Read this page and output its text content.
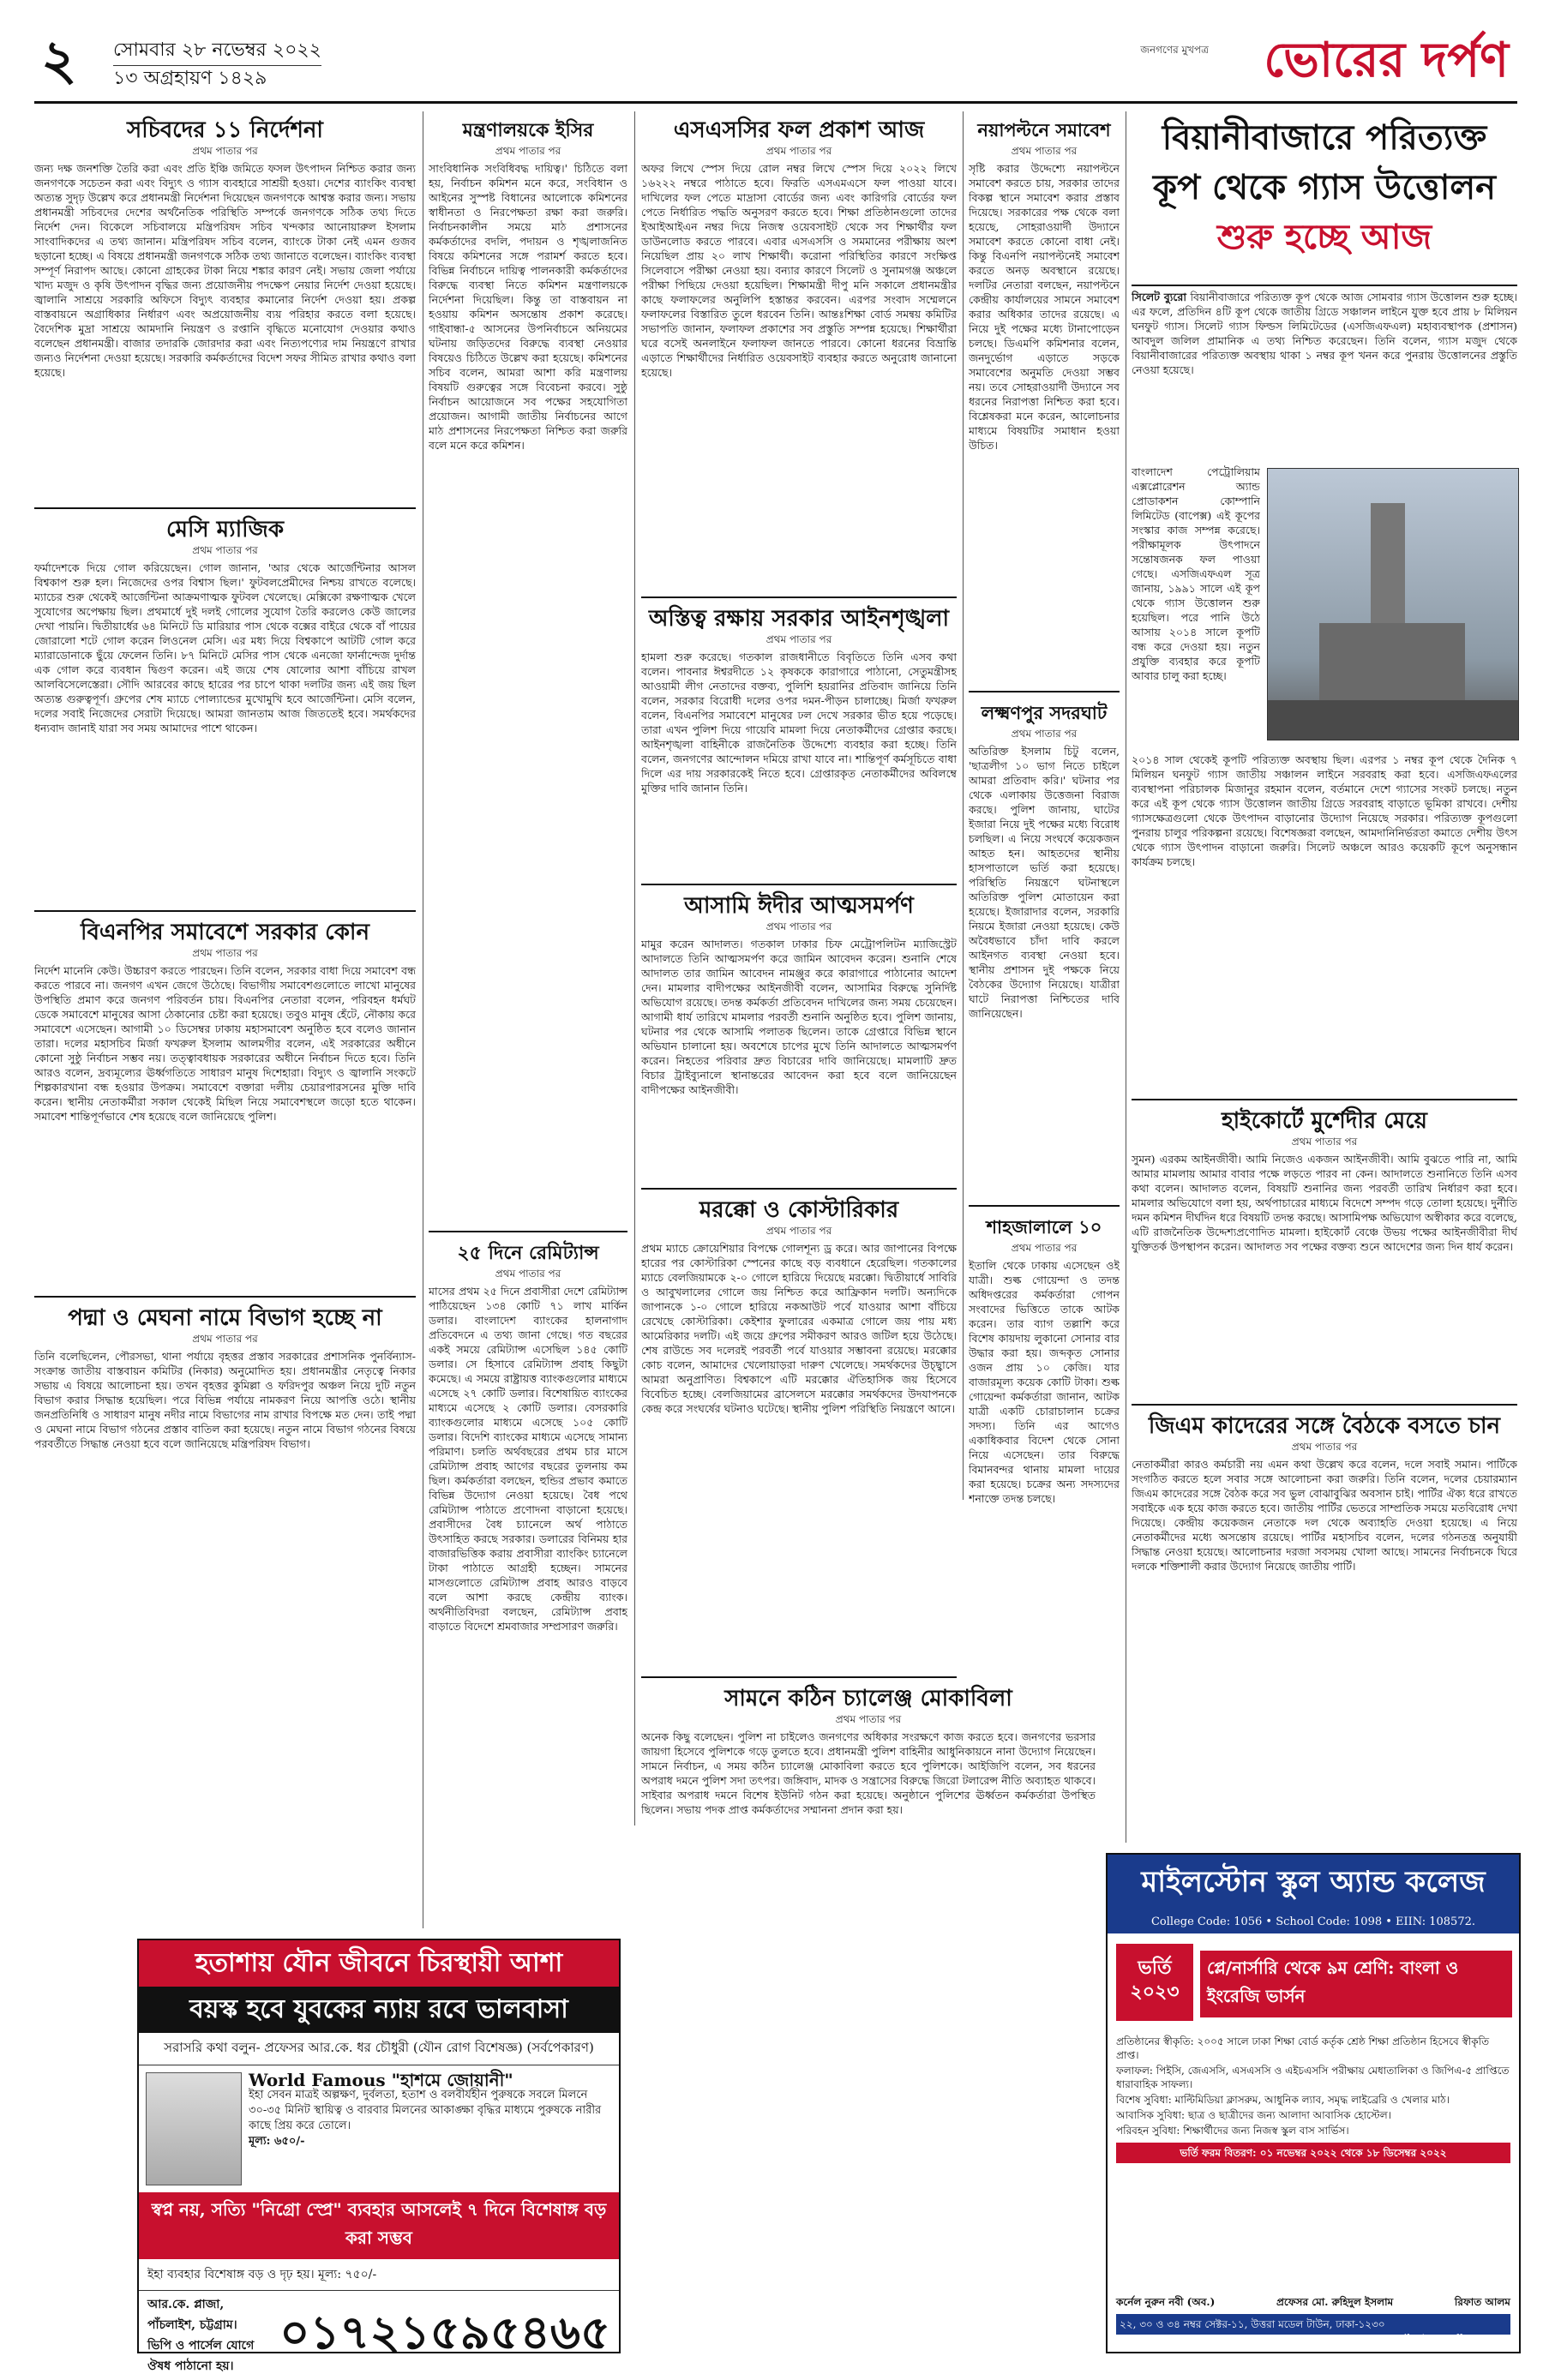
২ সোমবার ২৮ নভেম্বর ২০২২
১৩ অগ্রহায়ণ ১৪২৯
জনগণের মুখপত্র ভোরের দর্পণ
সচিবদের ১১ নির্দেশনা
প্রথম পাতার পর

জন্য দক্ষ জনশক্তি তৈরি করা এবং প্রতি ইঞ্চি জমিতে ফসল উৎপাদন নিশ্চিত করার জন্য জনগণকে সচেতন করা এবং বিদ্যুৎ ও গ্যাস ব্যবহারে সাশ্রয়ী হওয়া। দেশের ব্যাংকিং ব্যবস্থা অত্যন্ত সুদৃঢ় উল্লেখ করে প্রধানমন্ত্রী নির্দেশনা দিয়েছেন জনগণকে আশ্বস্ত করার জন্য। সভায় প্রধানমন্ত্রী সচিবদের দেশের অর্থনৈতিক পরিস্থিতি সম্পর্কে জনগণকে সঠিক তথ্য দিতে নির্দেশ দেন। বিকেলে সচিবালয়ে মন্ত্রিপরিষদ সচিব খন্দকার আনোয়ারুল ইসলাম সাংবাদিকদের এ তথ্য জানান। মন্ত্রিপরিষদ সচিব বলেন, ব্যাংকে টাকা নেই এমন গুজব ছড়ানো হচ্ছে। এ বিষয়ে প্রধানমন্ত্রী জনগণকে সঠিক তথ্য জানাতে বলেছেন। ব্যাংকিং ব্যবস্থা সম্পূর্ণ নিরাপদ আছে। কোনো গ্রাহকের টাকা নিয়ে শঙ্কার কারণ নেই। সভায় জেলা পর্যায়ে খাদ্য মজুদ ও কৃষি উৎপাদন বৃদ্ধির জন্য প্রয়োজনীয় পদক্ষেপ নেয়ার নির্দেশ দেওয়া হয়েছে। জ্বালানি সাশ্রয়ে সরকারি অফিসে বিদ্যুৎ ব্যবহার কমানোর নির্দেশ দেওয়া হয়। প্রকল্প বাস্তবায়নে অগ্রাধিকার নির্ধারণ এবং অপ্রয়োজনীয় ব্যয় পরিহার করতে বলা হয়েছে। বৈদেশিক মুদ্রা সাশ্রয়ে আমদানি নিয়ন্ত্রণ ও রপ্তানি বৃদ্ধিতে মনোযোগ দেওয়ার কথাও বলেছেন প্রধানমন্ত্রী। বাজার তদারকি জোরদার করা এবং নিত্যপণ্যের দাম নিয়ন্ত্রণে রাখার জন্যও নির্দেশনা দেওয়া হয়েছে। সরকারি কর্মকর্তাদের বিদেশ সফর সীমিত রাখার কথাও বলা হয়েছে।

মেসি ম্যাজিক
প্রথম পাতার পর

ফর্মাদেশকে দিয়ে গোল করিয়েছেন। গোল জানান, 'আর থেকে আর্জেন্টিনার আসল বিশ্বকাপ শুরু হল। নিজেদের ওপর বিশ্বাস ছিল।' ফুটবলপ্রেমীদের নিশ্চয় রাখতে বলেছে। ম্যাচের শুরু থেকেই আর্জেন্টিনা আক্রমণাত্মক ফুটবল খেলেছে। মেক্সিকো রক্ষণাত্মক খেলে সুযোগের অপেক্ষায় ছিল। প্রথমার্ধে দুই দলই গোলের সুযোগ তৈরি করলেও কেউ জালের দেখা পায়নি। দ্বিতীয়ার্ধের ৬৪ মিনিটে ডি মারিয়ার পাস থেকে বক্সের বাইরে থেকে বাঁ পায়ের জোরালো শটে গোল করেন লিওনেল মেসি। এর মধ্য দিয়ে বিশ্বকাপে আটটি গোল করে ম্যারাডোনাকে ছুঁয়ে ফেলেন তিনি। ৮৭ মিনিটে মেসির পাস থেকে এনজো ফার্নান্দেজ দুর্দান্ত এক গোল করে ব্যবধান দ্বিগুণ করেন। এই জয়ে শেষ ষোলোর আশা বাঁচিয়ে রাখল আলবিসেলেস্তেরা। সৌদি আরবের কাছে হারের পর চাপে থাকা দলটির জন্য এই জয় ছিল অত্যন্ত গুরুত্বপূর্ণ। গ্রুপের শেষ ম্যাচে পোল্যান্ডের মুখোমুখি হবে আর্জেন্টিনা। মেসি বলেন, দলের সবাই নিজেদের সেরাটা দিয়েছে। আমরা জানতাম আজ জিততেই হবে। সমর্থকদের ধন্যবাদ জানাই যারা সব সময় আমাদের পাশে থাকেন।

বিএনপির সমাবেশে সরকার কোন
প্রথম পাতার পর

নির্দেশ মানেনি কেউ। উচ্চারণ করতে পারছেন। তিনি বলেন, সরকার বাধা দিয়ে সমাবেশ বন্ধ করতে পারবে না। জনগণ এখন জেগে উঠেছে। বিভাগীয় সমাবেশগুলোতে লাখো মানুষের উপস্থিতি প্রমাণ করে জনগণ পরিবর্তন চায়। বিএনপির নেতারা বলেন, পরিবহন ধর্মঘট ডেকে সমাবেশে মানুষের আসা ঠেকানোর চেষ্টা করা হয়েছে। তবুও মানুষ হেঁটে, নৌকায় করে সমাবেশে এসেছেন। আগামী ১০ ডিসেম্বর ঢাকায় মহাসমাবেশ অনুষ্ঠিত হবে বলেও জানান তারা। দলের মহাসচিব মির্জা ফখরুল ইসলাম আলমগীর বলেন, এই সরকারের অধীনে কোনো সুষ্ঠু নির্বাচন সম্ভব নয়। তত্ত্বাবধায়ক সরকারের অধীনে নির্বাচন দিতে হবে। তিনি আরও বলেন, দ্রব্যমূল্যের ঊর্ধ্বগতিতে সাধারণ মানুষ দিশেহারা। বিদ্যুৎ ও জ্বালানি সংকটে শিল্পকারখানা বন্ধ হওয়ার উপক্রম। সমাবেশে বক্তারা দলীয় চেয়ারপারসনের মুক্তি দাবি করেন। স্থানীয় নেতাকর্মীরা সকাল থেকেই মিছিল নিয়ে সমাবেশস্থলে জড়ো হতে থাকেন। সমাবেশ শান্তিপূর্ণভাবে শেষ হয়েছে বলে জানিয়েছে পুলিশ।

পদ্মা ও মেঘনা নামে বিভাগ হচ্ছে না
প্রথম পাতার পর

তিনি বলেছিলেন, পৌরসভা, থানা পর্যায়ে বৃহত্তর প্রস্তাব সরকারের প্রশাসনিক পুনর্বিন্যাস-সংক্রান্ত জাতীয় বাস্তবায়ন কমিটির (নিকার) অনুমোদিত হয়। প্রধানমন্ত্রীর নেতৃত্বে নিকার সভায় এ বিষয়ে আলোচনা হয়। তখন বৃহত্তর কুমিল্লা ও ফরিদপুর অঞ্চল নিয়ে দুটি নতুন বিভাগ করার সিদ্ধান্ত হয়েছিল। পরে বিভিন্ন পর্যায়ে নামকরণ নিয়ে আপত্তি ওঠে। স্থানীয় জনপ্রতিনিধি ও সাধারণ মানুষ নদীর নামে বিভাগের নাম রাখার বিপক্ষে মত দেন। তাই পদ্মা ও মেঘনা নামে বিভাগ গঠনের প্রস্তাব বাতিল করা হয়েছে। নতুন নামে বিভাগ গঠনের বিষয়ে পরবর্তীতে সিদ্ধান্ত নেওয়া হবে বলে জানিয়েছে মন্ত্রিপরিষদ বিভাগ।

মন্ত্রণালয়কে ইসির
প্রথম পাতার পর

সাংবিধানিক সংবিধিবদ্ধ দায়িত্ব।' চিঠিতে বলা হয়, নির্বাচন কমিশন মনে করে, সংবিধান ও আইনের সুস্পষ্ট বিধানের আলোকে কমিশনের স্বাধীনতা ও নিরপেক্ষতা রক্ষা করা জরুরি। নির্বাচনকালীন সময়ে মাঠ প্রশাসনের কর্মকর্তাদের বদলি, পদায়ন ও শৃঙ্খলাজনিত বিষয়ে কমিশনের সঙ্গে পরামর্শ করতে হবে। বিভিন্ন নির্বাচনে দায়িত্ব পালনকারী কর্মকর্তাদের বিরুদ্ধে ব্যবস্থা নিতে কমিশন মন্ত্রণালয়কে নির্দেশনা দিয়েছিল। কিন্তু তা বাস্তবায়ন না হওয়ায় কমিশন অসন্তোষ প্রকাশ করেছে। গাইবান্ধা-৫ আসনের উপনির্বাচনে অনিয়মের ঘটনায় জড়িতদের বিরুদ্ধে ব্যবস্থা নেওয়ার বিষয়েও চিঠিতে উল্লেখ করা হয়েছে। কমিশনের সচিব বলেন, আমরা আশা করি মন্ত্রণালয় বিষয়টি গুরুত্বের সঙ্গে বিবেচনা করবে। সুষ্ঠু নির্বাচন আয়োজনে সব পক্ষের সহযোগিতা প্রয়োজন। আগামী জাতীয় নির্বাচনের আগে মাঠ প্রশাসনের নিরপেক্ষতা নিশ্চিত করা জরুরি বলে মনে করে কমিশন।

২৫ দিনে রেমিট্যান্স
প্রথম পাতার পর

মাসের প্রথম ২৫ দিনে প্রবাসীরা দেশে রেমিট্যান্স পাঠিয়েছেন ১৩৪ কোটি ৭১ লাখ মার্কিন ডলার। বাংলাদেশ ব্যাংকের হালনাগাদ প্রতিবেদনে এ তথ্য জানা গেছে। গত বছরের একই সময়ে রেমিট্যান্স এসেছিল ১৪৫ কোটি ডলার। সে হিসাবে রেমিট্যান্স প্রবাহ কিছুটা কমেছে। এ সময়ে রাষ্ট্রায়ত্ত ব্যাংকগুলোর মাধ্যমে এসেছে ২৭ কোটি ডলার। বিশেষায়িত ব্যাংকের মাধ্যমে এসেছে ২ কোটি ডলার। বেসরকারি ব্যাংকগুলোর মাধ্যমে এসেছে ১০৫ কোটি ডলার। বিদেশি ব্যাংকের মাধ্যমে এসেছে সামান্য পরিমাণ। চলতি অর্থবছরের প্রথম চার মাসে রেমিট্যান্স প্রবাহ আগের বছরের তুলনায় কম ছিল। কর্মকর্তারা বলছেন, হুন্ডির প্রভাব কমাতে বিভিন্ন উদ্যোগ নেওয়া হয়েছে। বৈধ পথে রেমিট্যান্স পাঠাতে প্রণোদনা বাড়ানো হয়েছে। প্রবাসীদের বৈধ চ্যানেলে অর্থ পাঠাতে উৎসাহিত করছে সরকার। ডলারের বিনিময় হার বাজারভিত্তিক করায় প্রবাসীরা ব্যাংকিং চ্যানেলে টাকা পাঠাতে আগ্রহী হচ্ছেন। সামনের মাসগুলোতে রেমিট্যান্স প্রবাহ আরও বাড়বে বলে আশা করছে কেন্দ্রীয় ব্যাংক। অর্থনীতিবিদরা বলছেন, রেমিট্যান্স প্রবাহ বাড়াতে বিদেশে শ্রমবাজার সম্প্রসারণ জরুরি।

এসএসসির ফল প্রকাশ আজ
প্রথম পাতার পর

অফর লিখে স্পেস দিয়ে রোল নম্বর লিখে স্পেস দিয়ে ২০২২ লিখে ১৬২২২ নম্বরে পাঠাতে হবে। ফিরতি এসএমএসে ফল পাওয়া যাবে। দাখিলের ফল পেতে মাদ্রাসা বোর্ডের জন্য এবং কারিগরি বোর্ডের ফল পেতে নির্ধারিত পদ্ধতি অনুসরণ করতে হবে। শিক্ষা প্রতিষ্ঠানগুলো তাদের ইআইআইএন নম্বর দিয়ে নিজস্ব ওয়েবসাইট থেকে সব শিক্ষার্থীর ফল ডাউনলোড করতে পারবে। এবার এসএসসি ও সমমানের পরীক্ষায় অংশ নিয়েছিল প্রায় ২০ লাখ শিক্ষার্থী। করোনা পরিস্থিতির কারণে সংক্ষিপ্ত সিলেবাসে পরীক্ষা নেওয়া হয়। বন্যার কারণে সিলেট ও সুনামগঞ্জ অঞ্চলে পরীক্ষা পিছিয়ে দেওয়া হয়েছিল। শিক্ষামন্ত্রী দীপু মনি সকালে প্রধানমন্ত্রীর কাছে ফলাফলের অনুলিপি হস্তান্তর করবেন। এরপর সংবাদ সম্মেলনে ফলাফলের বিস্তারিত তুলে ধরবেন তিনি। আন্তঃশিক্ষা বোর্ড সমন্বয় কমিটির সভাপতি জানান, ফলাফল প্রকাশের সব প্রস্তুতি সম্পন্ন হয়েছে। শিক্ষার্থীরা ঘরে বসেই অনলাইনে ফলাফল জানতে পারবে। কোনো ধরনের বিভ্রান্তি এড়াতে শিক্ষার্থীদের নির্ধারিত ওয়েবসাইট ব্যবহার করতে অনুরোধ জানানো হয়েছে।

অস্তিত্ব রক্ষায় সরকার আইনশৃঙ্খলা
প্রথম পাতার পর

হামলা শুরু করেছে। গতকাল রাজধানীতে বিবৃতিতে তিনি এসব কথা বলেন। পাবনার ঈশ্বরদীতে ১২ কৃষককে কারাগারে পাঠানো, সেতুমন্ত্রীসহ আওয়ামী লীগ নেতাদের বক্তব্য, পুলিশি হয়রানির প্রতিবাদ জানিয়ে তিনি বলেন, সরকার বিরোধী দলের ওপর দমন-পীড়ন চালাচ্ছে। মির্জা ফখরুল বলেন, বিএনপির সমাবেশে মানুষের ঢল দেখে সরকার ভীত হয়ে পড়েছে। তারা এখন পুলিশ দিয়ে গায়েবি মামলা দিয়ে নেতাকর্মীদের গ্রেপ্তার করছে। আইনশৃঙ্খলা বাহিনীকে রাজনৈতিক উদ্দেশ্যে ব্যবহার করা হচ্ছে। তিনি বলেন, জনগণের আন্দোলন দমিয়ে রাখা যাবে না। শান্তিপূর্ণ কর্মসূচিতে বাধা দিলে এর দায় সরকারকেই নিতে হবে। গ্রেপ্তারকৃত নেতাকর্মীদের অবিলম্বে মুক্তির দাবি জানান তিনি।

আসামি ঈদীর আত্মসমর্পণ
প্রথম পাতার পর

মামুর করেন আদালত। গতকাল ঢাকার চিফ মেট্রোপলিটন ম্যাজিস্ট্রেট আদালতে তিনি আত্মসমর্পণ করে জামিন আবেদন করেন। শুনানি শেষে আদালত তার জামিন আবেদন নামঞ্জুর করে কারাগারে পাঠানোর আদেশ দেন। মামলার বাদীপক্ষের আইনজীবী বলেন, আসামির বিরুদ্ধে সুনির্দিষ্ট অভিযোগ রয়েছে। তদন্ত কর্মকর্তা প্রতিবেদন দাখিলের জন্য সময় চেয়েছেন। আগামী ধার্য তারিখে মামলার পরবর্তী শুনানি অনুষ্ঠিত হবে। পুলিশ জানায়, ঘটনার পর থেকে আসামি পলাতক ছিলেন। তাকে গ্রেপ্তারে বিভিন্ন স্থানে অভিযান চালানো হয়। অবশেষে চাপের মুখে তিনি আদালতে আত্মসমর্পণ করেন। নিহতের পরিবার দ্রুত বিচারের দাবি জানিয়েছে। মামলাটি দ্রুত বিচার ট্রাইব্যুনালে স্থানান্তরের আবেদন করা হবে বলে জানিয়েছেন বাদীপক্ষের আইনজীবী।

মরক্কো ও কোস্টারিকার
প্রথম পাতার পর

প্রথম ম্যাচে ক্রোয়েশিয়ার বিপক্ষে গোলশূন্য ড্র করে। আর জাপানের বিপক্ষে হারের পর কোস্টারিকা স্পেনের কাছে বড় ব্যবধানে হেরেছিল। গতকালের ম্যাচে বেলজিয়ামকে ২-০ গোলে হারিয়ে দিয়েছে মরক্কো। দ্বিতীয়ার্ধে সাবিরি ও আবুখলালের গোলে জয় নিশ্চিত করে আফ্রিকান দলটি। অন্যদিকে জাপানকে ১-০ গোলে হারিয়ে নকআউট পর্বে যাওয়ার আশা বাঁচিয়ে রেখেছে কোস্টারিকা। কেইশার ফুলারের একমাত্র গোলে জয় পায় মধ্য আমেরিকার দলটি। এই জয়ে গ্রুপের সমীকরণ আরও জটিল হয়ে উঠেছে। শেষ রাউন্ডে সব দলেরই পরবর্তী পর্বে যাওয়ার সম্ভাবনা রয়েছে। মরক্কোর কোচ বলেন, আমাদের খেলোয়াড়রা দারুণ খেলেছে। সমর্থকদের উচ্ছ্বাসে আমরা অনুপ্রাণিত। বিশ্বকাপে এটি মরক্কোর ঐতিহাসিক জয় হিসেবে বিবেচিত হচ্ছে। বেলজিয়ামের ব্রাসেলসে মরক্কোর সমর্থকদের উদযাপনকে কেন্দ্র করে সংঘর্ষের ঘটনাও ঘটেছে। স্থানীয় পুলিশ পরিস্থিতি নিয়ন্ত্রণে আনে।

সামনে কঠিন চ্যালেঞ্জ মোকাবিলা
প্রথম পাতার পর

অনেক কিছু বলেছেন। পুলিশ না চাইলেও জনগণের অধিকার সংরক্ষণে কাজ করতে হবে। জনগণের ভরসার জায়গা হিসেবে পুলিশকে গড়ে তুলতে হবে। প্রধানমন্ত্রী পুলিশ বাহিনীর আধুনিকায়নে নানা উদ্যোগ নিয়েছেন। সামনে নির্বাচন, এ সময় কঠিন চ্যালেঞ্জ মোকাবিলা করতে হবে পুলিশকে। আইজিপি বলেন, সব ধরনের অপরাধ দমনে পুলিশ সদা তৎপর। জঙ্গিবাদ, মাদক ও সন্ত্রাসের বিরুদ্ধে জিরো টলারেন্স নীতি অব্যাহত থাকবে। সাইবার অপরাধ দমনে বিশেষ ইউনিট গঠন করা হয়েছে। অনুষ্ঠানে পুলিশের ঊর্ধ্বতন কর্মকর্তারা উপস্থিত ছিলেন। সভায় পদক প্রাপ্ত কর্মকর্তাদের সম্মাননা প্রদান করা হয়।

নয়াপল্টনে সমাবেশ
প্রথম পাতার পর

সৃষ্টি করার উদ্দেশ্যে নয়াপল্টনে সমাবেশ করতে চায়, সরকার তাদের বিকল্প স্থানে সমাবেশ করার প্রস্তাব দিয়েছে। সরকারের পক্ষ থেকে বলা হয়েছে, সোহরাওয়ার্দী উদ্যানে সমাবেশ করতে কোনো বাধা নেই। কিন্তু বিএনপি নয়াপল্টনেই সমাবেশ করতে অনড় অবস্থানে রয়েছে। দলটির নেতারা বলছেন, নয়াপল্টনে কেন্দ্রীয় কার্যালয়ের সামনে সমাবেশ করার অধিকার তাদের রয়েছে। এ নিয়ে দুই পক্ষের মধ্যে টানাপোড়েন চলছে। ডিএমপি কমিশনার বলেন, জনদুর্ভোগ এড়াতে সড়কে সমাবেশের অনুমতি দেওয়া সম্ভব নয়। তবে সোহরাওয়ার্দী উদ্যানে সব ধরনের নিরাপত্তা নিশ্চিত করা হবে। বিশ্লেষকরা মনে করেন, আলোচনার মাধ্যমে বিষয়টির সমাধান হওয়া উচিত।

লক্ষ্মণপুর সদরঘাট
প্রথম পাতার পর

অতিরিক্ত ইসলাম চিটু বলেন, 'ছাত্রলীগ ১০ ভাগ নিতে চাইলে আমরা প্রতিবাদ করি।' ঘটনার পর থেকে এলাকায় উত্তেজনা বিরাজ করছে। পুলিশ জানায়, ঘাটের ইজারা নিয়ে দুই পক্ষের মধ্যে বিরোধ চলছিল। এ নিয়ে সংঘর্ষে কয়েকজন আহত হন। আহতদের স্থানীয় হাসপাতালে ভর্তি করা হয়েছে। পরিস্থিতি নিয়ন্ত্রণে ঘটনাস্থলে অতিরিক্ত পুলিশ মোতায়েন করা হয়েছে। ইজারাদার বলেন, সরকারি নিয়মে ইজারা নেওয়া হয়েছে। কেউ অবৈধভাবে চাঁদা দাবি করলে আইনগত ব্যবস্থা নেওয়া হবে। স্থানীয় প্রশাসন দুই পক্ষকে নিয়ে বৈঠকের উদ্যোগ নিয়েছে। যাত্রীরা ঘাটে নিরাপত্তা নিশ্চিতের দাবি জানিয়েছেন।

শাহজালালে ১০
প্রথম পাতার পর

ইতালি থেকে ঢাকায় এসেছেন ওই যাত্রী। শুল্ক গোয়েন্দা ও তদন্ত অধিদপ্তরের কর্মকর্তারা গোপন সংবাদের ভিত্তিতে তাকে আটক করেন। তার ব্যাগ তল্লাশি করে বিশেষ কায়দায় লুকানো সোনার বার উদ্ধার করা হয়। জব্দকৃত সোনার ওজন প্রায় ১০ কেজি। যার বাজারমূল্য কয়েক কোটি টাকা। শুল্ক গোয়েন্দা কর্মকর্তারা জানান, আটক যাত্রী একটি চোরাচালান চক্রের সদস্য। তিনি এর আগেও একাধিকবার বিদেশ থেকে সোনা নিয়ে এসেছেন। তার বিরুদ্ধে বিমানবন্দর থানায় মামলা দায়ের করা হয়েছে। চক্রের অন্য সদস্যদের শনাক্তে তদন্ত চলছে।

বিয়ানীবাজারে পরিত্যক্ত
কূপ থেকে গ্যাস উত্তোলন
শুরু হচ্ছে আজ

সিলেট ব্যুরো বিয়ানীবাজারে পরিত্যক্ত কূপ থেকে আজ সোমবার গ্যাস উত্তোলন শুরু হচ্ছে। এর ফলে, প্রতিদিন ৪টি কূপ থেকে জাতীয় গ্রিডে সঞ্চালন লাইনে যুক্ত হবে প্রায় ৮ মিলিয়ন ঘনফুট গ্যাস। সিলেট গ্যাস ফিল্ডস লিমিটেডের (এসজিএফএল) মহাব্যবস্থাপক (প্রশাসন) আবদুল জলিল প্রামানিক এ তথ্য নিশ্চিত করেছেন। তিনি বলেন, গ্যাস মজুদ থেকে বিয়ানীবাজারের পরিত্যক্ত অবস্থায় থাকা ১ নম্বর কূপ খনন করে পুনরায় উত্তোলনের প্রস্তুতি নেওয়া হয়েছে।

বাংলাদেশ পেট্রোলিয়াম এক্সপ্লোরেশন অ্যান্ড প্রোডাকশন কোম্পানি লিমিটেড (বাপেক্স) এই কূপের সংস্কার কাজ সম্পন্ন করেছে। পরীক্ষামূলক উৎপাদনে সন্তোষজনক ফল পাওয়া গেছে। এসজিএফএল সূত্র জানায়, ১৯৯১ সালে এই কূপ থেকে গ্যাস উত্তোলন শুরু হয়েছিল। পরে পানি উঠে আসায় ২০১৪ সালে কূপটি বন্ধ করে দেওয়া হয়। নতুন প্রযুক্তি ব্যবহার করে কূপটি আবার চালু করা হচ্ছে।

২০১৪ সাল থেকেই কূপটি পরিত্যক্ত অবস্থায় ছিল। এরপর ১ নম্বর কূপ থেকে দৈনিক ৭ মিলিয়ন ঘনফুট গ্যাস জাতীয় সঞ্চালন লাইনে সরবরাহ করা হবে। এসজিএফএলের ব্যবস্থাপনা পরিচালক মিজানুর রহমান বলেন, বর্তমানে দেশে গ্যাসের সংকট চলছে। নতুন করে এই কূপ থেকে গ্যাস উত্তোলন জাতীয় গ্রিডে সরবরাহ বাড়াতে ভূমিকা রাখবে। দেশীয় গ্যাসক্ষেত্রগুলো থেকে উৎপাদন বাড়ানোর উদ্যোগ নিয়েছে সরকার। পরিত্যক্ত কূপগুলো পুনরায় চালুর পরিকল্পনা রয়েছে। বিশেষজ্ঞরা বলছেন, আমদানিনির্ভরতা কমাতে দেশীয় উৎস থেকে গ্যাস উৎপাদন বাড়ানো জরুরি। সিলেট অঞ্চলে আরও কয়েকটি কূপে অনুসন্ধান কার্যক্রম চলছে।

হাইকোর্টে মুর্শেদীর মেয়ে
প্রথম পাতার পর

সুমন) এরকম আইনজীবী। আমি নিজেও একজন আইনজীবী। আমি বুঝতে পারি না, আমি আমার মামলায় আমার বাবার পক্ষে লড়তে পারব না কেন। আদালতে শুনানিতে তিনি এসব কথা বলেন। আদালত বলেন, বিষয়টি শুনানির জন্য পরবর্তী তারিখ নির্ধারণ করা হবে। মামলার অভিযোগে বলা হয়, অর্থপাচারের মাধ্যমে বিদেশে সম্পদ গড়ে তোলা হয়েছে। দুর্নীতি দমন কমিশন দীর্ঘদিন ধরে বিষয়টি তদন্ত করছে। আসামিপক্ষ অভিযোগ অস্বীকার করে বলেছে, এটি রাজনৈতিক উদ্দেশ্যপ্রণোদিত মামলা। হাইকোর্ট বেঞ্চে উভয় পক্ষের আইনজীবীরা দীর্ঘ যুক্তিতর্ক উপস্থাপন করেন। আদালত সব পক্ষের বক্তব্য শুনে আদেশের জন্য দিন ধার্য করেন।

জিএম কাদেরের সঙ্গে বৈঠকে বসতে চান
প্রথম পাতার পর

নেতাকর্মীরা কারও কর্মচারী নয় এমন কথা উল্লেখ করে বলেন, দলে সবাই সমান। পার্টিকে সংগঠিত করতে হলে সবার সঙ্গে আলোচনা করা জরুরি। তিনি বলেন, দলের চেয়ারম্যান জিএম কাদেরের সঙ্গে বৈঠক করে সব ভুল বোঝাবুঝির অবসান চাই। পার্টির ঐক্য ধরে রাখতে সবাইকে এক হয়ে কাজ করতে হবে। জাতীয় পার্টির ভেতরে সাম্প্রতিক সময়ে মতবিরোধ দেখা দিয়েছে। কেন্দ্রীয় কয়েকজন নেতাকে দল থেকে অব্যাহতি দেওয়া হয়েছে। এ নিয়ে নেতাকর্মীদের মধ্যে অসন্তোষ রয়েছে। পার্টির মহাসচিব বলেন, দলের গঠনতন্ত্র অনুযায়ী সিদ্ধান্ত নেওয়া হয়েছে। আলোচনার দরজা সবসময় খোলা আছে। সামনের নির্বাচনকে ঘিরে দলকে শক্তিশালী করার উদ্যোগ নিয়েছে জাতীয় পার্টি।

হতাশায় যৌন জীবনে চিরস্থায়ী আশা
বয়স্ক হবে যুবকের ন্যায় রবে ভালবাসা
সরাসরি কথা বলুন- প্রফেসর আর.কে. ধর চৌধুরী (যৌন রোগ বিশেষজ্ঞ) (সর্বপেকারণ)
World Famous "হাশমে জোয়ানী"
ইহা সেবন মাত্রই অল্পক্ষণ, দুর্বলতা, হতাশ ও বলবীর্যহীন পুরুষকে সবলে মিলনে ৩০-৩৫ মিনিট স্থায়িত্ব ও বারবার মিলনের আকাঙ্ক্ষা বৃদ্ধির মাধ্যমে পুরুষকে নারীর কাছে প্রিয় করে তোলে।
মূল্য: ৬৫০/-
স্বপ্ন নয়, সত্যি "নিগ্রো স্প্রে" ব্যবহার আসলেই ৭ দিনে বিশেষাঙ্গ বড় করা সম্ভব
ইহা ব্যবহার বিশেষাঙ্গ বড় ও দৃঢ় হয়। মূল্য: ৭৫০/-
আর.কে. প্লাজা, পাঁচলাইশ, চট্টগ্রাম।
ভিপি ও পার্সেল যোগে ঔষধ পাঠানো হয়।
০১৭২১৫৯৫৪৬৫
মাইলস্টোন স্কুল অ্যান্ড কলেজ
College Code: 1056 • School Code: 1098 • EIIN: 108572.
ভর্তি
২০২৩
প্লে/নার্সারি থেকে ৯ম শ্রেণি: বাংলা ও ইংরেজি ভার্সন
প্রতিষ্ঠানের স্বীকৃতি: ২০০৫ সালে ঢাকা শিক্ষা বোর্ড কর্তৃক শ্রেষ্ঠ শিক্ষা প্রতিষ্ঠান হিসেবে স্বীকৃতি প্রাপ্ত।
ফলাফল: পিইসি, জেএসসি, এসএসসি ও এইচএসসি পরীক্ষায় মেধাতালিকা ও জিপিএ-৫ প্রাপ্তিতে ধারাবাহিক সাফল্য।
বিশেষ সুবিধা: মাল্টিমিডিয়া ক্লাসরুম, আধুনিক ল্যাব, সমৃদ্ধ লাইব্রেরি ও খেলার মাঠ।
আবাসিক সুবিধা: ছাত্র ও ছাত্রীদের জন্য আলাদা আবাসিক হোস্টেল।
পরিবহন সুবিধা: শিক্ষার্থীদের জন্য নিজস্ব স্কুল বাস সার্ভিস।
ভর্তি ফরম বিতরণ: ০১ নভেম্বর ২০২২ থেকে ১৮ ডিসেম্বর ২০২২
কর্নেল নুরুন নবী (অব.)	প্রফেসর মো. রুহিদুল ইসলাম	রিফাত আলম
২২, ৩০ ও ৩৪ নম্বর সেক্টর-১১, উত্তরা মডেল টাউন, ঢাকা-১২৩০
www.milestonecollege.com
